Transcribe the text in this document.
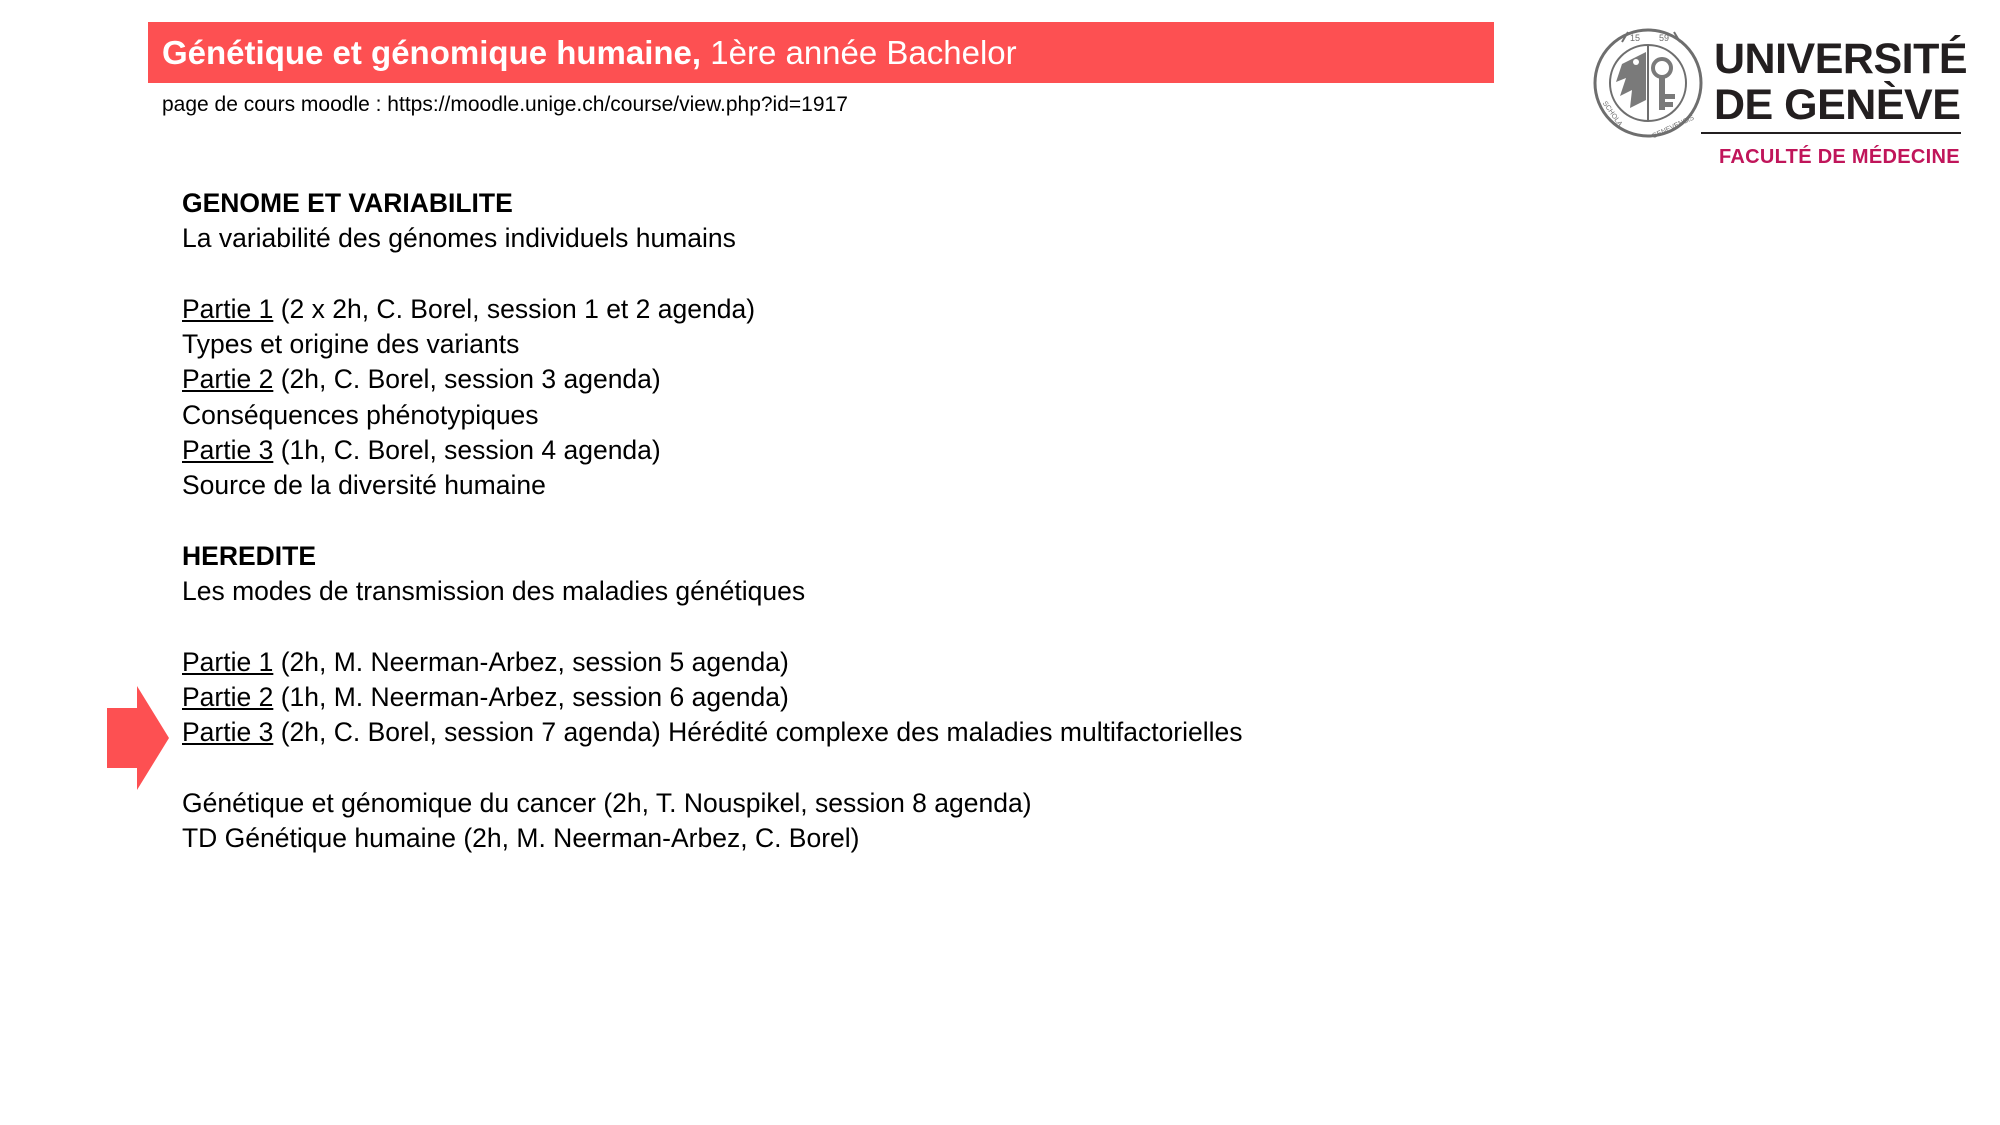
Génétique et génomique humaine, 1ère année Bachelor
page de cours moodle : https://moodle.unige.ch/course/view.php?id=1917
15 59
SCHOLA	GENEVENSIS
UNIVERSITÉ
DE GENÈVE
FACULTÉ DE MÉDECINE
GENOME ET VARIABILITE
La variabilité des génomes individuels humains
Partie 1 (2 x 2h, C. Borel, session 1 et 2 agenda)
Types et origine des variants
Partie 2 (2h, C. Borel, session 3 agenda)
Conséquences phénotypiques
Partie 3 (1h, C. Borel, session 4 agenda)
Source de la diversité humaine
HEREDITE
Les modes de transmission des maladies génétiques
Partie 1 (2h, M. Neerman-Arbez, session 5 agenda)
Partie 2 (1h, M. Neerman-Arbez, session 6 agenda)
Partie 3 (2h, C. Borel, session 7 agenda) Hérédité complexe des maladies multifactorielles
Génétique et génomique du cancer (2h, T. Nouspikel, session 8 agenda)
TD Génétique humaine (2h, M. Neerman-Arbez, C. Borel)
